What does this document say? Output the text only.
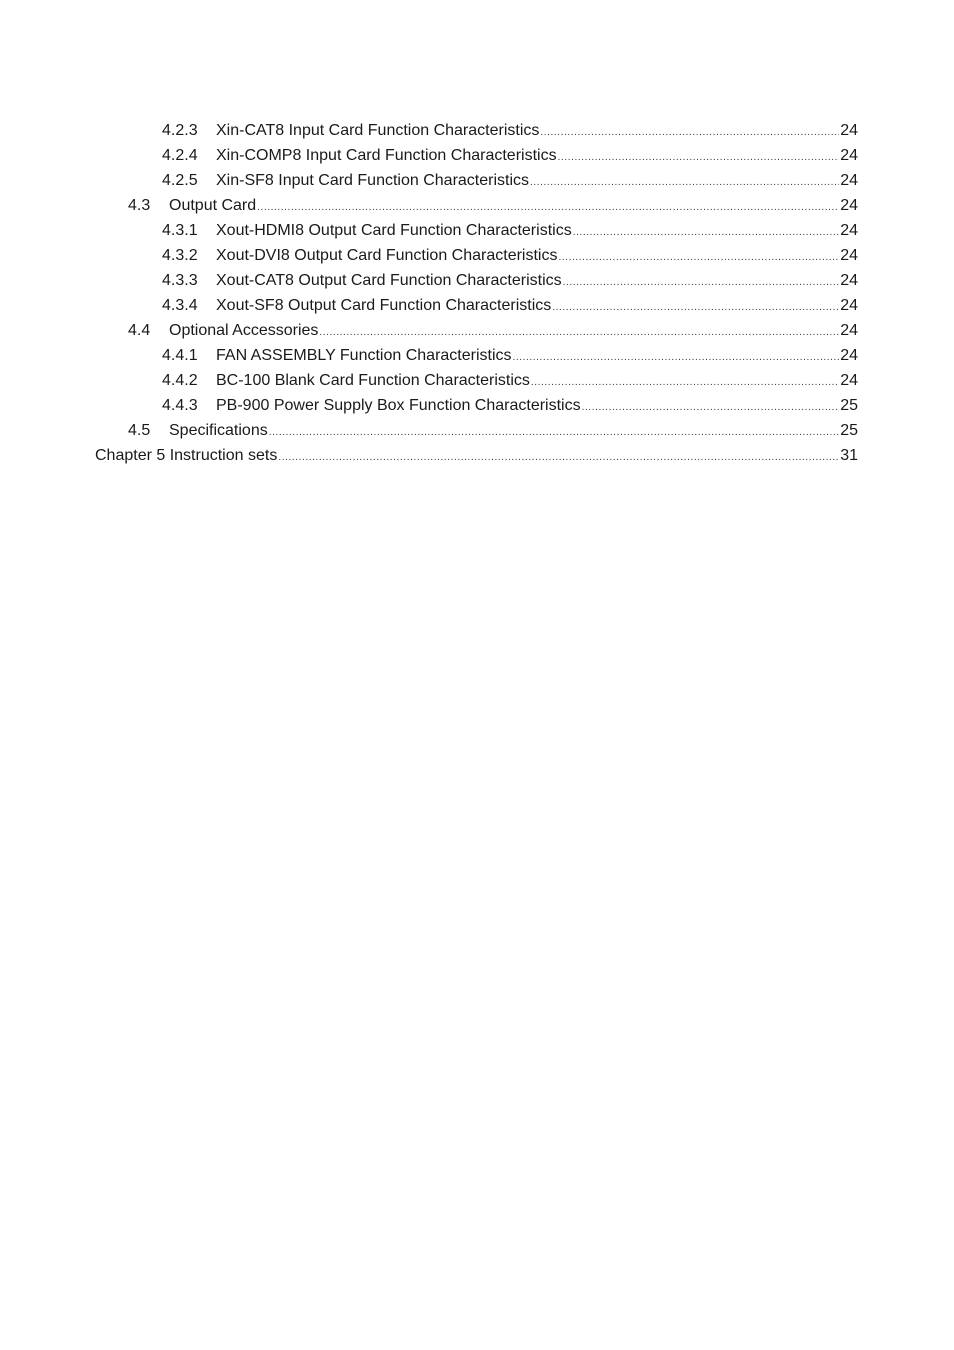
4.2.3	Xin-CAT8 Input Card Function Characteristics .....	24
4.2.4	Xin-COMP8 Input Card Function Characteristics .....	24
4.2.5	Xin-SF8 Input Card Function Characteristics .....	24
4.3	Output Card .....	24
4.3.1	Xout-HDMI8 Output Card Function Characteristics .....	24
4.3.2	Xout-DVI8 Output Card Function Characteristics .....	24
4.3.3	Xout-CAT8 Output Card Function Characteristics .....	24
4.3.4	Xout-SF8 Output Card Function Characteristics .....	24
4.4	Optional Accessories .....	24
4.4.1	FAN ASSEMBLY Function Characteristics .....	24
4.4.2	BC-100 Blank Card Function Characteristics .....	24
4.4.3	PB-900 Power Supply Box Function Characteristics .....	25
4.5	Specifications .....	25
Chapter 5 Instruction sets .....	31
